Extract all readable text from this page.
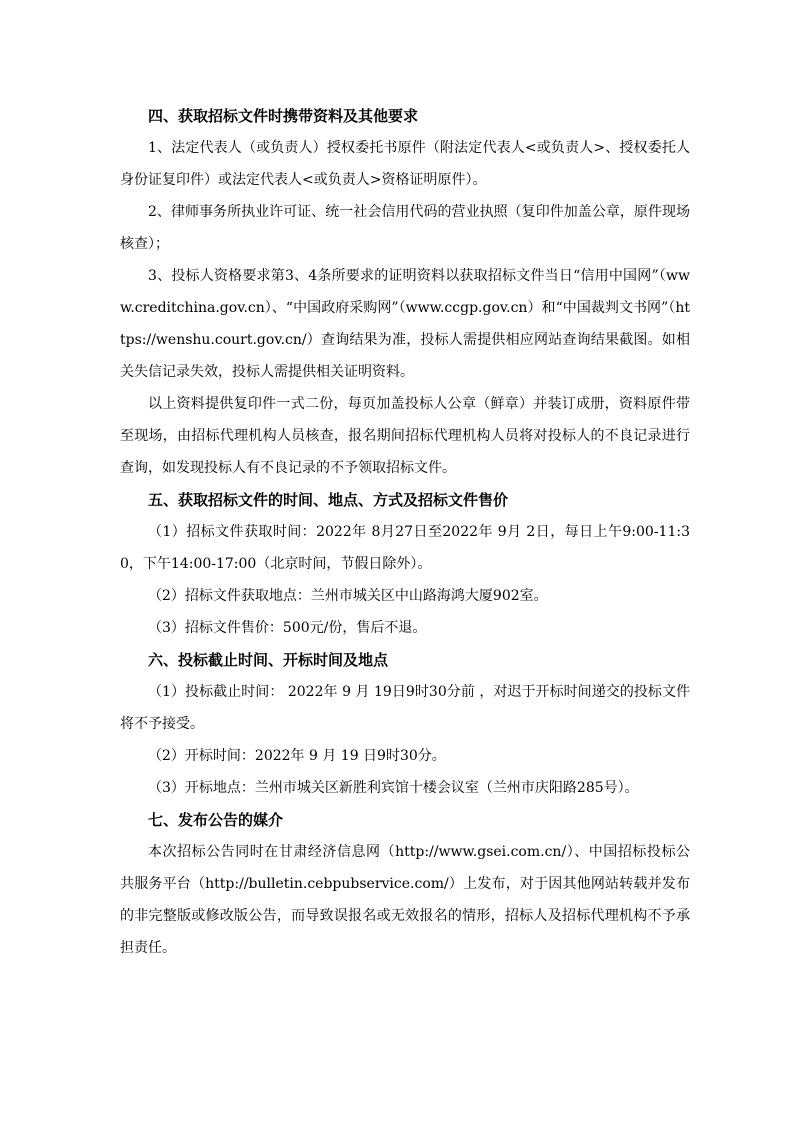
四、获取招标文件时携带资料及其他要求

1、法定代表人（或负责人）授权委托书原件（附法定代表人<或负责人>、授权委托人身份证复印件）或法定代表人<或负责人>资格证明原件）。

2、律师事务所执业许可证、统一社会信用代码的营业执照（复印件加盖公章，原件现场核查）；

3、投标人资格要求第3、4条所要求的证明资料以获取招标文件当日“信用中国网”（www.creditchina.gov.cn）、“中国政府采购网”（www.ccgp.gov.cn）和“中国裁判文书网”（https://wenshu.court.gov.cn/）查询结果为准，投标人需提供相应网站查询结果截图。如相关失信记录失效，投标人需提供相关证明资料。

以上资料提供复印件一式二份，每页加盖投标人公章（鲜章）并装订成册，资料原件带至现场，由招标代理机构人员核查，报名期间招标代理机构人员将对投标人的不良记录进行查询，如发现投标人有不良记录的不予领取招标文件。

五、获取招标文件的时间、地点、方式及招标文件售价

（1）招标文件获取时间：2022年 8月27日至2022年 9月 2日，每日上午9:00-11:30，下午14:00-17:00（北京时间，节假日除外）。

（2）招标文件获取地点：兰州市城关区中山路海鸿大厦902室。

（3）招标文件售价：500元/份，售后不退。

六、投标截止时间、开标时间及地点

（1）投标截止时间： 2022年 9 月 19日9时30分前 ，对迟于开标时间递交的投标文件将不予接受。

（2）开标时间：2022年 9 月 19 日9时30分。

（3）开标地点：兰州市城关区新胜利宾馆十楼会议室（兰州市庆阳路285号）。

七、发布公告的媒介

本次招标公告同时在甘肃经济信息网（http://www.gsei.com.cn/）、中国招标投标公共服务平台（http://bulletin.cebpubservice.com/）上发布，对于因其他网站转载并发布的非完整版或修改版公告，而导致误报名或无效报名的情形，招标人及招标代理机构不予承担责任。
